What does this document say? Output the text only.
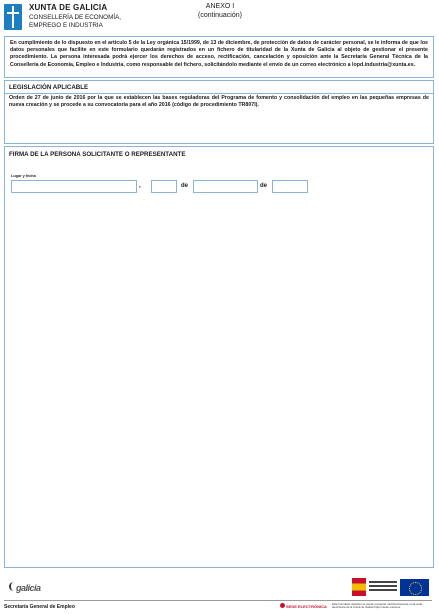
XUNTA DE GALICIA
CONSELLERÍA DE ECONOMÍA,
EMPREGO E INDUSTRIA
ANEXO I
(continuación)

En cumplimiento de lo dispuesto en el artículo 5 de la Ley orgánica 15/1999, de 13 de diciembre, de protección de datos de carácter personal, se le informa de que los datos personales que facilite en este formulario quedarán registrados en un fichero de titularidad de la Xunta de Galicia al objeto de gestionar el presente procedimiento. La persona interesada podrá ejercer los derechos de acceso, rectificación, cancelación y oposición ante la Secretaría General Técnica de la Consellería de Economía, Empleo e Industria, como responsable del fichero, solicitándolo mediante el envío de un correo electrónico a lopd.industria@xunta.es.

LEGISLACIÓN APLICABLE
Orden de 27 de junio de 2016 por la que se establecen las bases reguladoras del Programa de fomento y consolidación del empleo en las pequeñas empresas de nueva creación y se procede a su convocatoria para el año 2016 (código de procedimiento TR807I).
FIRMA DE LA PERSONA SOLICITANTE O REPRESENTANTE
Lugar y fecha
,	de	de
galicia
Secretaría General de Empleo	SEDE ELECTRÓNICA Esta formulario también se puede presentar electrónicamente en la sede electrónica de la Xunta de Galicia https://sede.xunta.es
